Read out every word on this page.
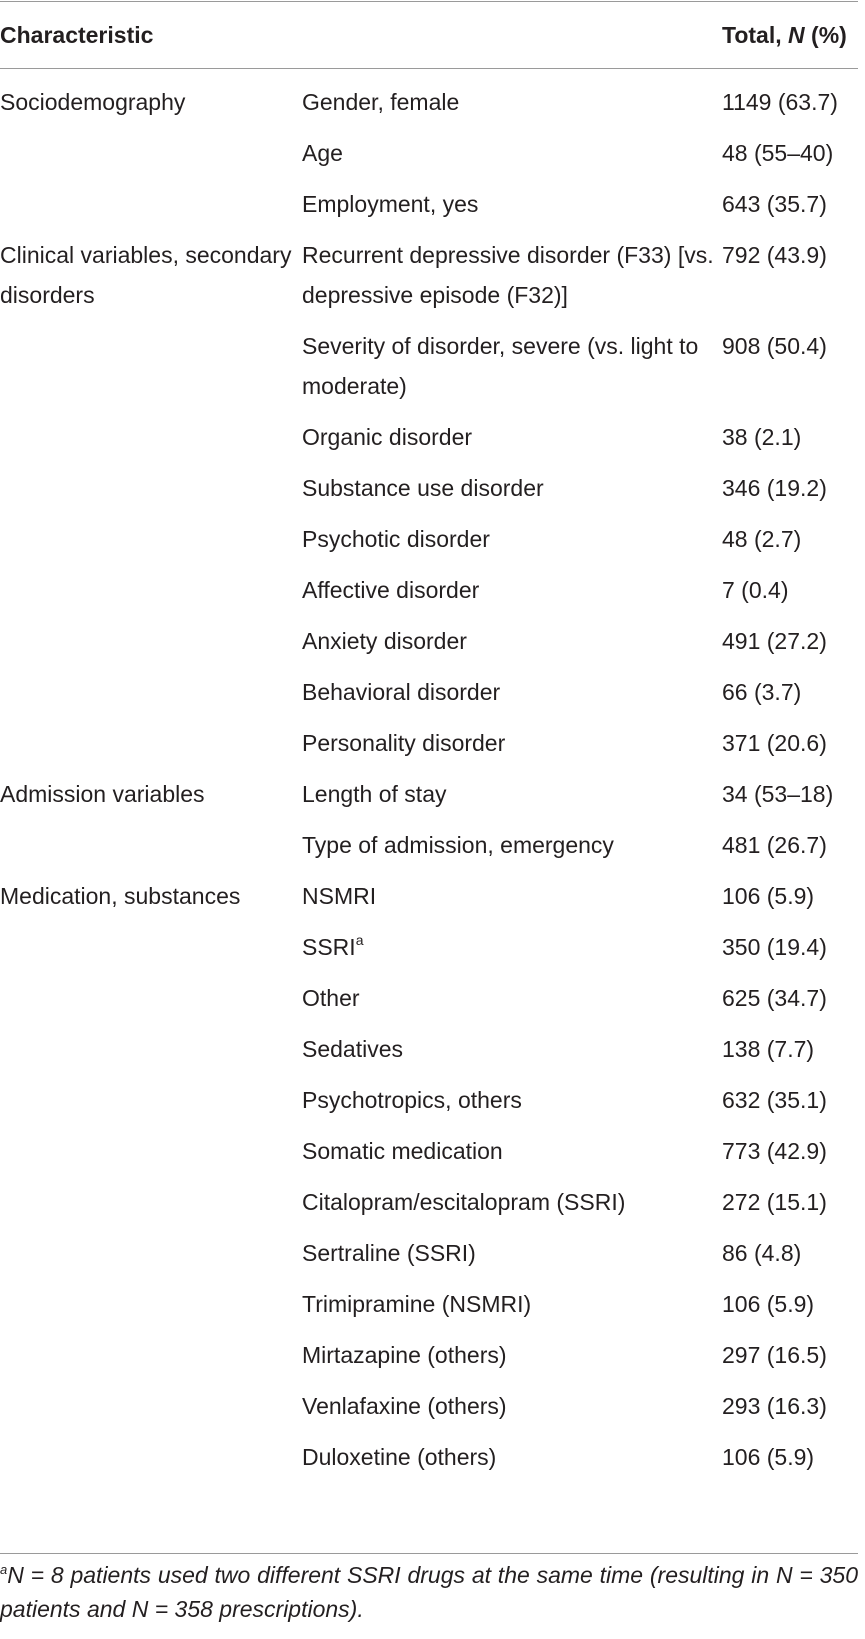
Characteristic		Total, N (%)
Sociodemography	Gender, female	1149 (63.7)
	Age	48 (55–40)
	Employment, yes	643 (35.7)
Clinical variables, secondary disorders	Recurrent depressive disorder (F33) [vs. depressive episode (F32)]	792 (43.9)
	Severity of disorder, severe (vs. light to moderate)	908 (50.4)
	Organic disorder	38 (2.1)
	Substance use disorder	346 (19.2)
	Psychotic disorder	48 (2.7)
	Affective disorder	7 (0.4)
	Anxiety disorder	491 (27.2)
	Behavioral disorder	66 (3.7)
	Personality disorder	371 (20.6)
Admission variables	Length of stay	34 (53–18)
	Type of admission, emergency	481 (26.7)
Medication, substances	NSMRI	106 (5.9)
	SSRI$^a$	350 (19.4)
	Other	625 (34.7)
	Sedatives	138 (7.7)
	Psychotropics, others	632 (35.1)
	Somatic medication	773 (42.9)
	Citalopram/escitalopram (SSRI)	272 (15.1)
	Sertraline (SSRI)	86 (4.8)
	Trimipramine (NSMRI)	106 (5.9)
	Mirtazapine (others)	297 (16.5)
	Venlafaxine (others)	293 (16.3)
	Duloxetine (others)	106 (5.9)
$^a$N = 8 patients used two different SSRI drugs at the same time (resulting in N = 350 patients and N = 358 prescriptions).
